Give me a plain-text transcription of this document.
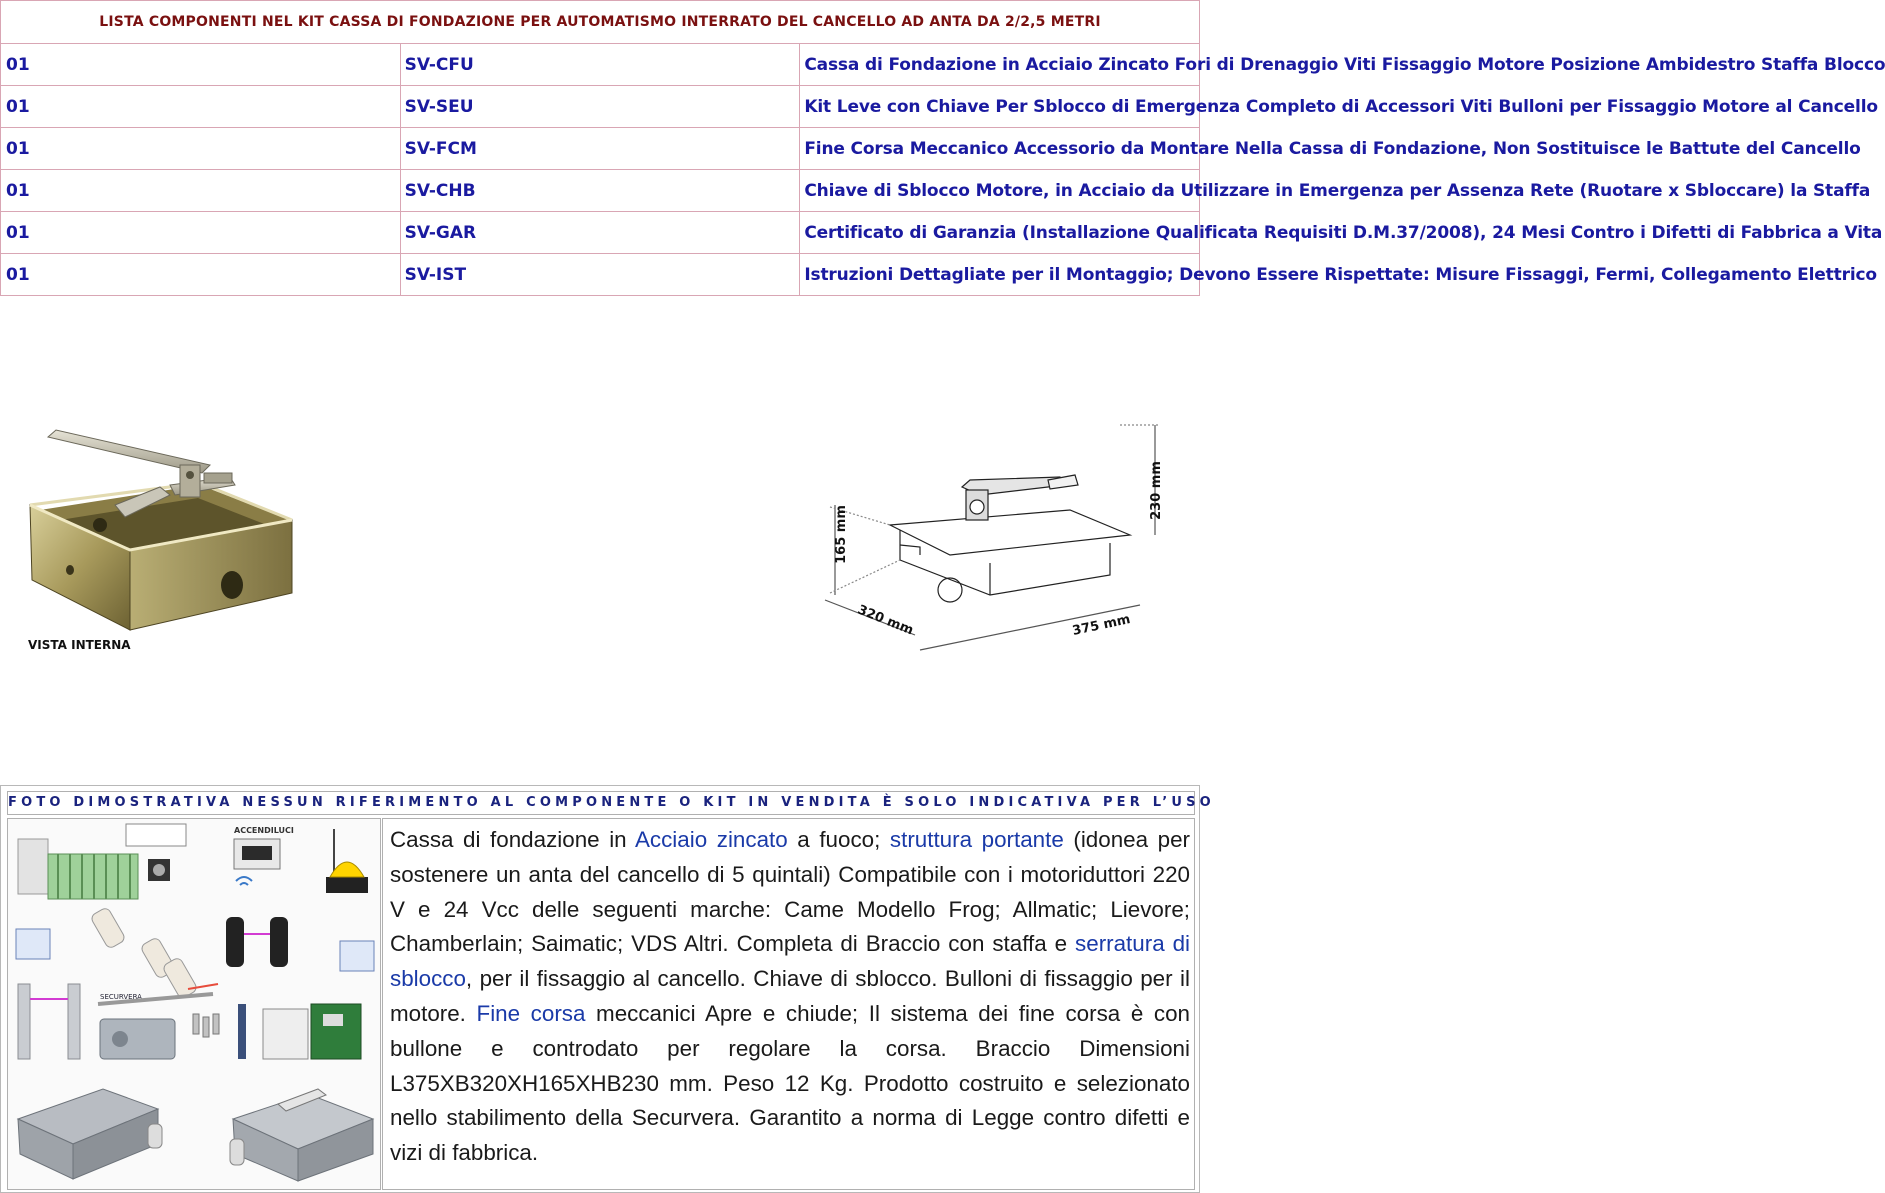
LISTA COMPONENTI NEL KIT CASSA DI FONDAZIONE PER AUTOMATISMO INTERRATO DEL CANCELLO AD ANTA DA 2/2,5 METRI		
01	SV-CFU	Cassa di Fondazione in Acciaio Zincato Fori di Drenaggio Viti Fissaggio Motore Posizione Ambidestro Staffa Blocco
01	SV-SEU	Kit Leve con Chiave Per Sblocco di Emergenza Completo di Accessori Viti Bulloni per Fissaggio Motore al Cancello
01	SV-FCM	Fine Corsa Meccanico Accessorio da Montare Nella Cassa di Fondazione, Non Sostituisce le Battute del Cancello
01	SV-CHB	Chiave di Sblocco Motore, in Acciaio da Utilizzare in Emergenza per Assenza Rete (Ruotare x Sbloccare) la Staffa
01	SV-GAR	Certificato di Garanzia (Installazione Qualificata Requisiti D.M.37/2008), 24 Mesi Contro i Difetti di Fabbrica a Vita
01	SV-IST	Istruzioni Dettagliate per il Montaggio; Devono Essere Rispettate: Misure Fissaggi, Fermi, Collegamento Elettrico
VISTA INTERNA
165 mm
230 mm
320 mm	375 mm
FOTO DIMOSTRATIVA NESSUN RIFERIMENTO AL COMPONENTE O KIT IN VENDITA È SOLO INDICATIVA PER L’USO
ACCENDILUCI
SECURVERA
Cassa di fondazione in Acciaio zincato a fuoco; struttura portante (idonea per sostenere un anta del cancello di 5 quintali) Compatibile con i motoriduttori 220 V e 24 Vcc delle seguenti marche: Came Modello Frog; Allmatic; Lievore; Chamberlain; Saimatic; VDS Altri. Completa di Braccio con staffa e serratura di sblocco, per il fissaggio al cancello. Chiave di sblocco. Bulloni di fissaggio per il motore. Fine corsa meccanici Apre e chiude; Il sistema dei fine corsa è con bullone e controdato per regolare la corsa. Braccio Dimensioni L375XB320XH165XHB230 mm. Peso 12 Kg. Prodotto costruito e selezionato nello stabilimento della Securvera. Garantito a norma di Legge contro difetti e vizi di fabbrica.
